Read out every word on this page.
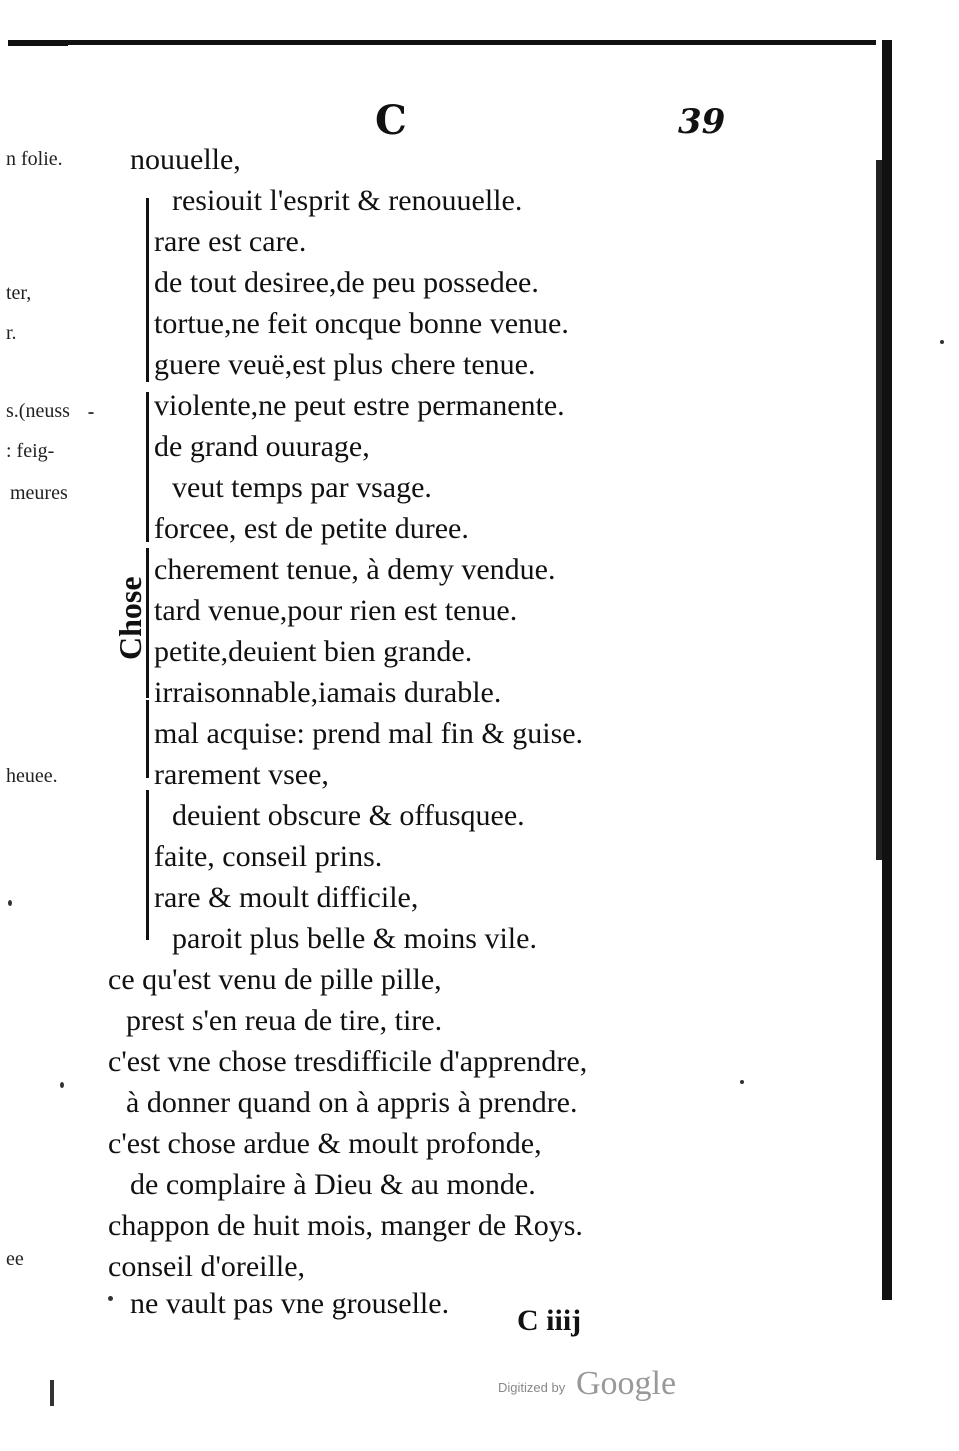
C	39
n folie.
ter,
r.
s.(neuss
: feig-
meures
heuee.
ee
Chose
nouuelle,
resiouit l'esprit & renouuelle.
rare est care.
de tout desiree,de peu possedee.
tortue,ne feit oncque bonne venue.
guere veuë,est plus chere tenue.
violente,ne peut estre permanente.
de grand ouurage,
veut temps par vsage.
forcee, est de petite duree.
cherement tenue, à demy vendue.
tard venue,pour rien est tenue.
petite,deuient bien grande.
irraisonnable,iamais durable.
mal acquise: prend mal fin & guise.
rarement vsee,
deuient obscure & offusquee.
faite, conseil prins.
rare & moult difficile,
paroit plus belle & moins vile.
ce qu'est venu de pille pille,
prest s'en reua de tire, tire.
c'est vne chose tresdifficile d'apprendre,
à donner quand on à appris à prendre.
c'est chose ardue & moult profonde,
de complaire à Dieu & au monde.
chappon de huit mois, manger de Roys.
conseil d'oreille,
ne vault pas vne grouselle.
C iiij
Digitized by Google
